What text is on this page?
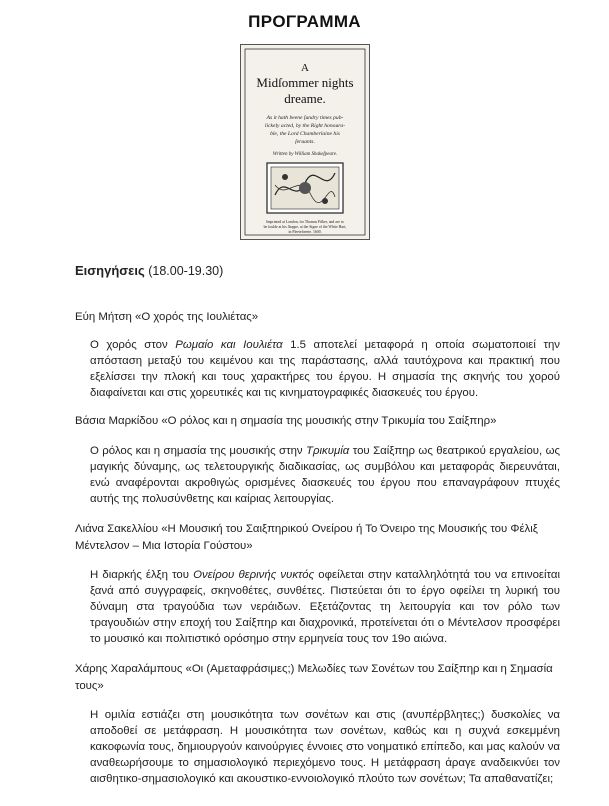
ΠΡΟΓΡΑΜΜΑ
A
Midſommer nights
dreame.
As it hath beene ſundry times pub-
lickely acted, by the Right honoura-
ble, the Lord Chamberlaine his
ſeruants.
Written by William Shakeſpeare.
Imprinted at London, for Thomas Fiſher, and are to
be ſoulde at his ſhoppe, at the Signe of the White Hart,
in Fleeteſtreete. 1600.
Εισηγήσεις (18.00-19.30)
Εύη Μήτση «Ο χορός της Ιουλιέτας»
Ο χορός στον Ρωμαίο και Ιουλιέτα 1.5 αποτελεί μεταφορά η οποία σωματοποιεί την απόσταση μεταξύ του κειμένου και της παράστασης, αλλά ταυτόχρονα και πρακτική που εξελίσσει την πλοκή και τους χαρακτήρες του έργου. Η σημασία της σκηνής του χορού διαφαίνεται και στις χορευτικές και τις κινηματογραφικές διασκευές του έργου.
Βάσια Μαρκίδου «Ο ρόλος και η σημασία της μουσικής στην Τρικυμία του Σαίξπηρ»
Ο ρόλος και η σημασία της μουσικής στην Τρικυμία του Σαίξπηρ ως θεατρικού εργαλείου, ως μαγικής δύναμης, ως τελετουργικής διαδικασίας, ως συμβόλου και μεταφοράς διερευνάται, ενώ αναφέρονται ακροθιγώς ορισμένες διασκευές του έργου που επαναγράφουν πτυχές αυτής της πολυσύνθετης και καίριας λειτουργίας.
Λιάνα Σακελλίου «Η Μουσική του Σαιξπηρικού Ονείρου ή Το Όνειρο της Μουσικής του Φέλιξ Μέντελσον – Μια Ιστορία Γούστου»
Η διαρκής έλξη του Ονείρου θερινής νυκτός οφείλεται στην καταλληλότητά του να επινοείται ξανά από συγγραφείς, σκηνοθέτες, συνθέτες. Πιστεύεται ότι το έργο οφείλει τη λυρική του δύναμη στα τραγούδια των νεράιδων. Εξετάζοντας τη λειτουργία και τον ρόλο των τραγουδιών στην εποχή του Σαίξπηρ και διαχρονικά, προτείνεται ότι ο Μέντελσον προσφέρει το μουσικό και πολιτιστικό ορόσημο στην ερμηνεία τους τον 19ο αιώνα.
Χάρης Χαραλάμπους «Οι (Αμεταφράσιμες;) Μελωδίες των Σονέτων του Σαίξπηρ και η Σημασία τους»
Η ομιλία εστιάζει στη μουσικότητα των σονέτων και στις (ανυπέρβλητες;) δυσκολίες να αποδοθεί σε μετάφραση. Η μουσικότητα των σονέτων, καθώς και η συχνά εσκεμμένη κακοφωνία τους, δημιουργούν καινούργιες έννοιες στο νοηματικό επίπεδο, και μας καλούν να αναθεωρήσουμε το σημασιολογικό περιεχόμενο τους. Η μετάφραση άραγε αναδεικνύει τον αισθητικο-σημασιολογικό και ακουστικο-εννοιολογικό πλούτο των σονέτων; Τα απαθανατίζει;
